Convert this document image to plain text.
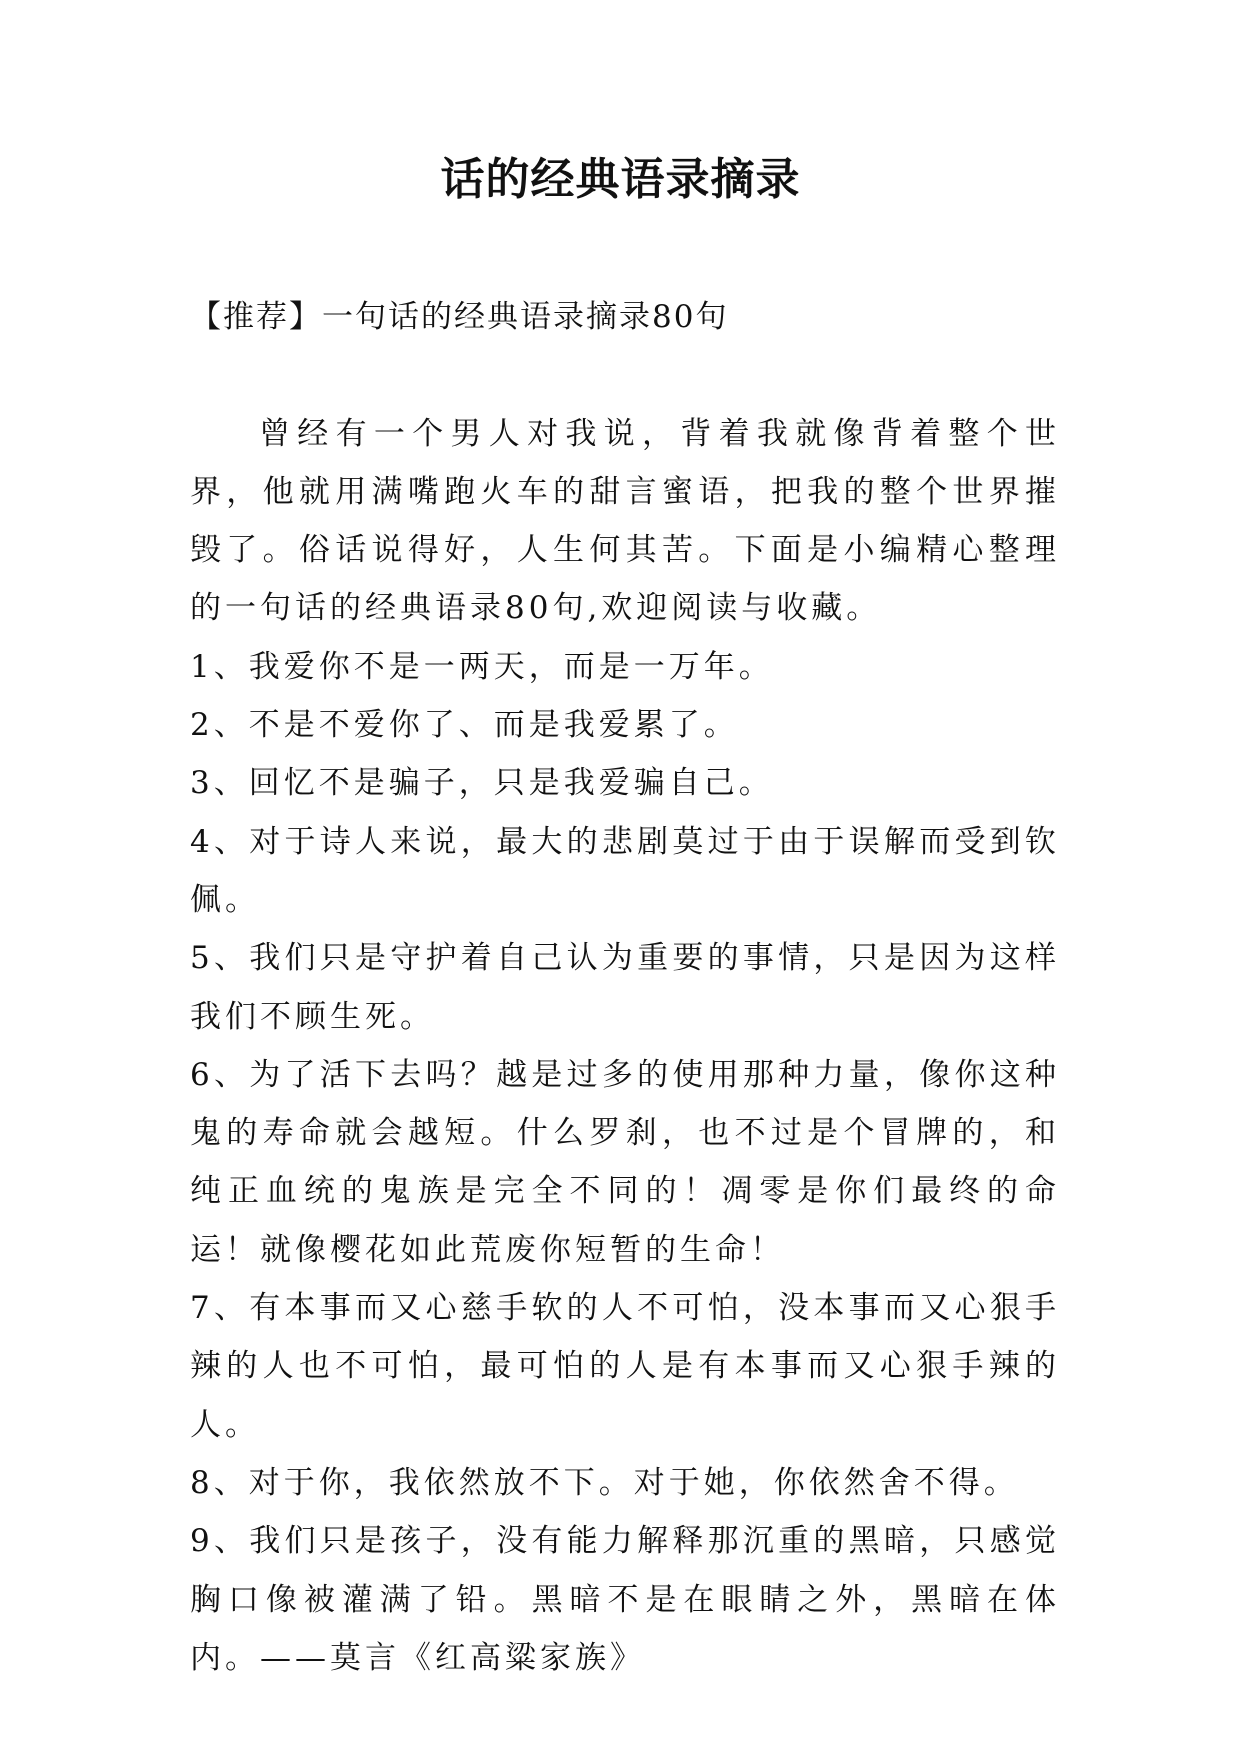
话的经典语录摘录

【推荐】一句话的经典语录摘录80句

曾经有一个男人对我说，背着我就像背着整个世界，他就用满嘴跑火车的甜言蜜语，把我的整个世界摧毁了。俗话说得好，人生何其苦。下面是小编精心整理的一句话的经典语录80句,欢迎阅读与收藏。

1、我爱你不是一两天，而是一万年。
2、不是不爱你了、而是我爱累了。
3、回忆不是骗子，只是我爱骗自己。
4、对于诗人来说，最大的悲剧莫过于由于误解而受到钦佩。
5、我们只是守护着自己认为重要的事情，只是因为这样我们不顾生死。
6、为了活下去吗？越是过多的使用那种力量，像你这种鬼的寿命就会越短。什么罗刹，也不过是个冒牌的，和纯正血统的鬼族是完全不同的！凋零是你们最终的命运！就像樱花如此荒废你短暂的生命！
7、有本事而又心慈手软的人不可怕，没本事而又心狠手辣的人也不可怕，最可怕的人是有本事而又心狠手辣的人。
8、对于你，我依然放不下。对于她，你依然舍不得。
9、我们只是孩子，没有能力解释那沉重的黑暗，只感觉胸口像被灌满了铅。黑暗不是在眼睛之外，黑暗在体内。——莫言《红高粱家族》
